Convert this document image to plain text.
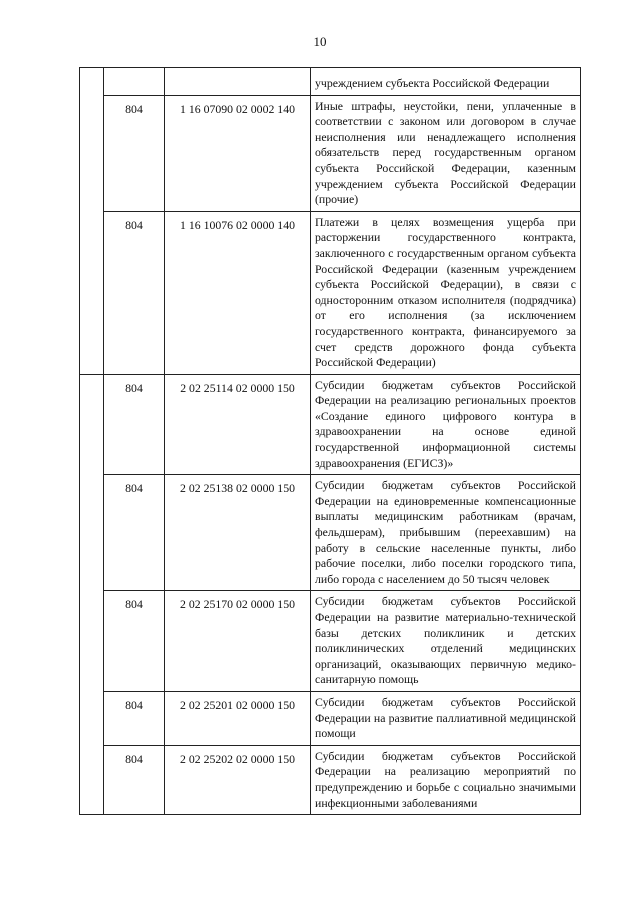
10
			учреждением субъекта Российской Федерации
	804	1 16 07090 02 0002 140	Иные штрафы, неустойки, пени, уплаченные в соответствии с законом или договором в случае неисполнения или ненадлежащего исполнения обязательств перед государственным органом субъекта Российской Федерации, казенным учреждением субъекта Российской Федерации (прочие)
	804	1 16 10076 02 0000 140	Платежи в целях возмещения ущерба при расторжении государственного контракта, заключенного с государственным органом субъекта Российской Федерации (казенным учреждением субъекта Российской Федерации), в связи с односторонним отказом исполнителя (подрядчика) от его исполнения (за исключением государственного контракта, финансируемого за счет средств дорожного фонда субъекта Российской Федерации)
	804	2 02 25114 02 0000 150	Субсидии бюджетам субъектов Российской Федерации на реализацию региональных проектов «Создание единого цифрового контура в здравоохранении на основе единой государственной информационной системы здравоохранения (ЕГИСЗ)»
	804	2 02 25138 02 0000 150	Субсидии бюджетам субъектов Российской Федерации на единовременные компенсационные выплаты медицинским работникам (врачам, фельдшерам), прибывшим (переехавшим) на работу в сельские населенные пункты, либо рабочие поселки, либо поселки городского типа, либо города с населением до 50 тысяч человек
	804	2 02 25170 02 0000 150	Субсидии бюджетам субъектов Российской Федерации на развитие материально-технической базы детских поликлиник и детских поликлинических отделений медицинских организаций, оказывающих первичную медико-санитарную помощь
	804	2 02 25201 02 0000 150	Субсидии бюджетам субъектов Российской Федерации на развитие паллиативной медицинской помощи
	804	2 02 25202 02 0000 150	Субсидии бюджетам субъектов Российской Федерации на реализацию мероприятий по предупреждению и борьбе с социально значимыми инфекционными заболеваниями
